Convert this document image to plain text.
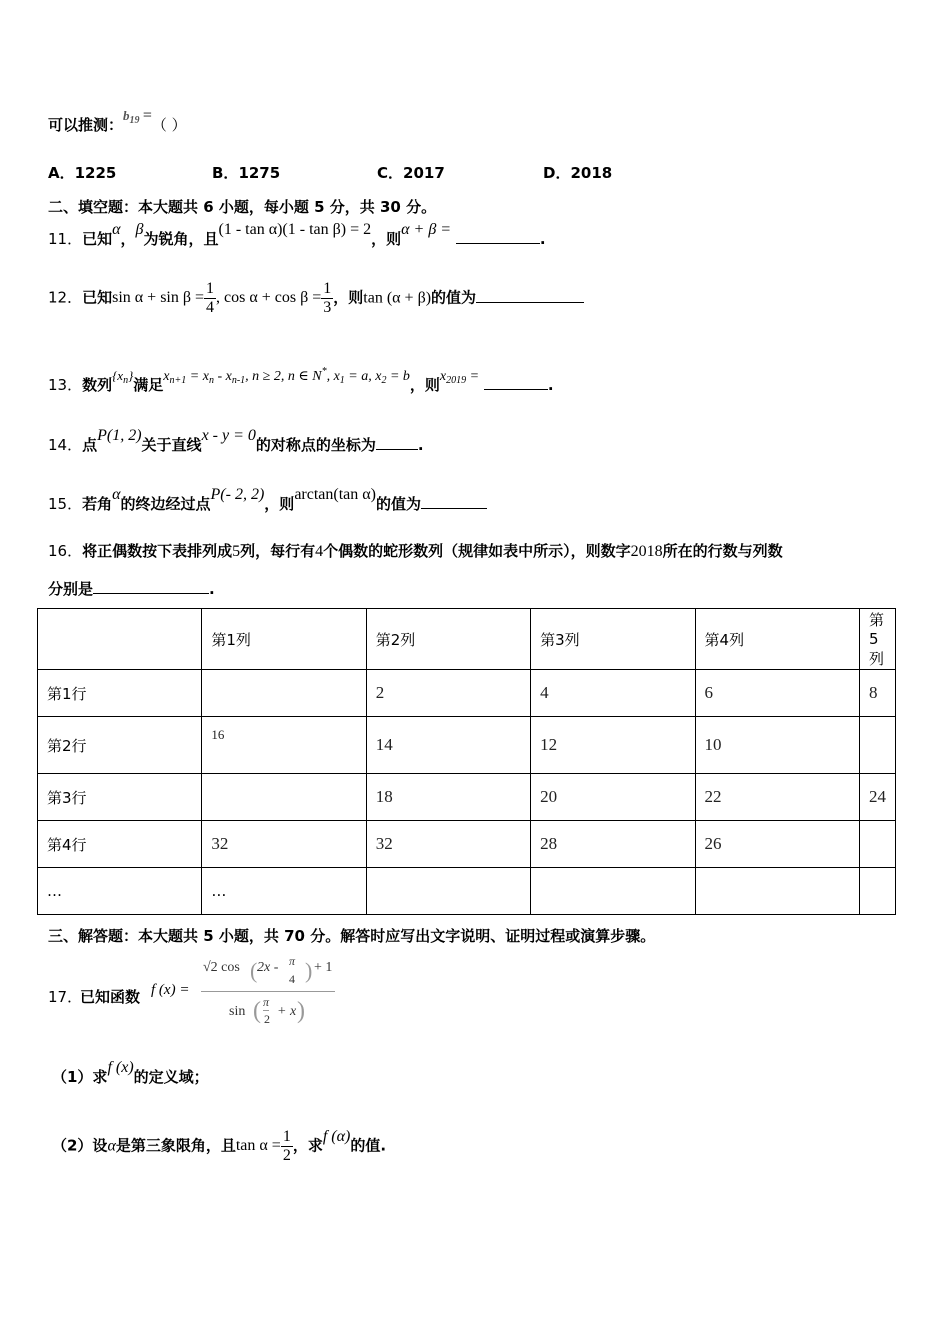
可以推测：$b_{19}$ =（ ）
A．1225	B．1275	C．2017	D．2018
二、填空题：本大题共 6 小题，每小题 5 分，共 30 分。
11．已知α，β为锐角，且(1 - tan α)(1 - tan β) = 2，则α + β = .
12．已知$\sin \alpha + \sin \beta = \frac{1}{4}$ , $\cos \alpha + \cos \beta = \frac{1}{3}$ ，则tan (α + β)的值为
13．数列$\{x_n\}$满足$x_{n+1} = x_n - x_{n-1}$, n ≥ 2, n ∈ N*, $x_1 = a$, $x_2 = b$，则$x_{2019}$ =	.
14．点P(1, 2)关于直线x - y = 0的对称点的坐标为	.
15．若角α的终边经过点P(- 2, 2)，则arctan(tan α)的值为
16．将正偶数按下表排列成5列，每行有4个偶数的蛇形数列（规律如表中所示），则数字2018所在的行数与列数
分别是	.
	第1列	第2列	第3列	第4列	第5列
第1行		2	4	6	8
第2行	16	14	12	10	
第3行		18	20	22	24
第4行	32	32	28	26	
…	…				
三、解答题：本大题共 5 小题，共 70 分。解答时应写出文字说明、证明过程或演算步骤。
17．
已知函数 f (x) =
√2 cos ( 2x - π
4 ) + 1
sin ( π
2 + x )
（1）求f (x)的定义域；
（2）设α是第三象限角，且$\tan \alpha = \frac{1}{2}$ ，求f (α)的值.
